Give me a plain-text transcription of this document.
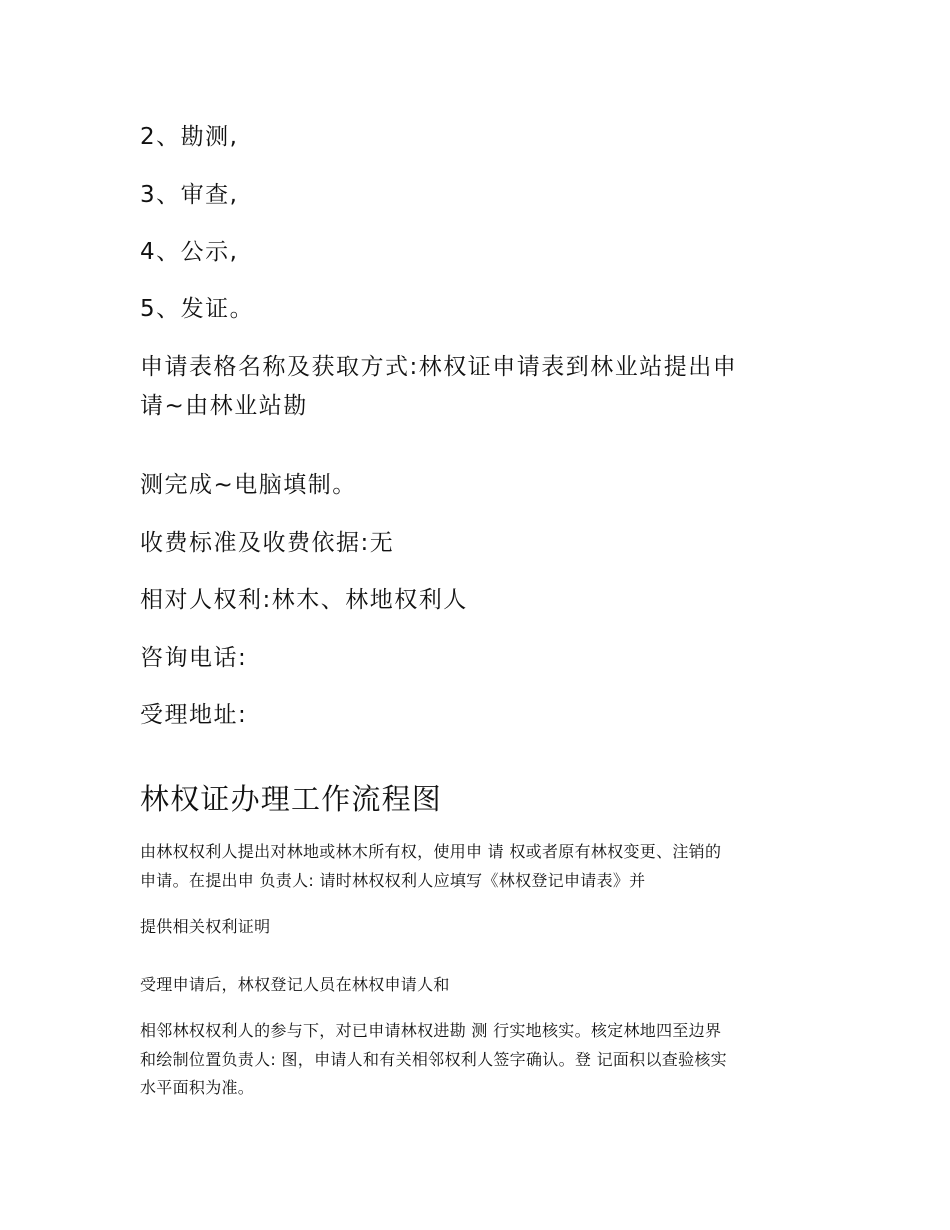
2、勘测,
3、审查,
4、公示,
5、发证。
申请表格名称及获取方式:林权证申请表到林业站提出申
请~由林业站勘
测完成~电脑填制。
收费标准及收费依据:无
相对人权利:林木、林地权利人
咨询电话:
受理地址:
林权证办理工作流程图
由林权权利人提出对林地或林木所有权，使用申 请 权或者原有林权变更、注销的
申请。在提出申 负责人: 请时林权权利人应填写《林权登记申请表》并
提供相关权利证明
受理申请后，林权登记人员在林权申请人和
相邻林权权利人的参与下，对已申请林权进勘 测 行实地核实。核定林地四至边界
和绘制位置负责人: 图，申请人和有关相邻权利人签字确认。登 记面积以查验核实
水平面积为准。
